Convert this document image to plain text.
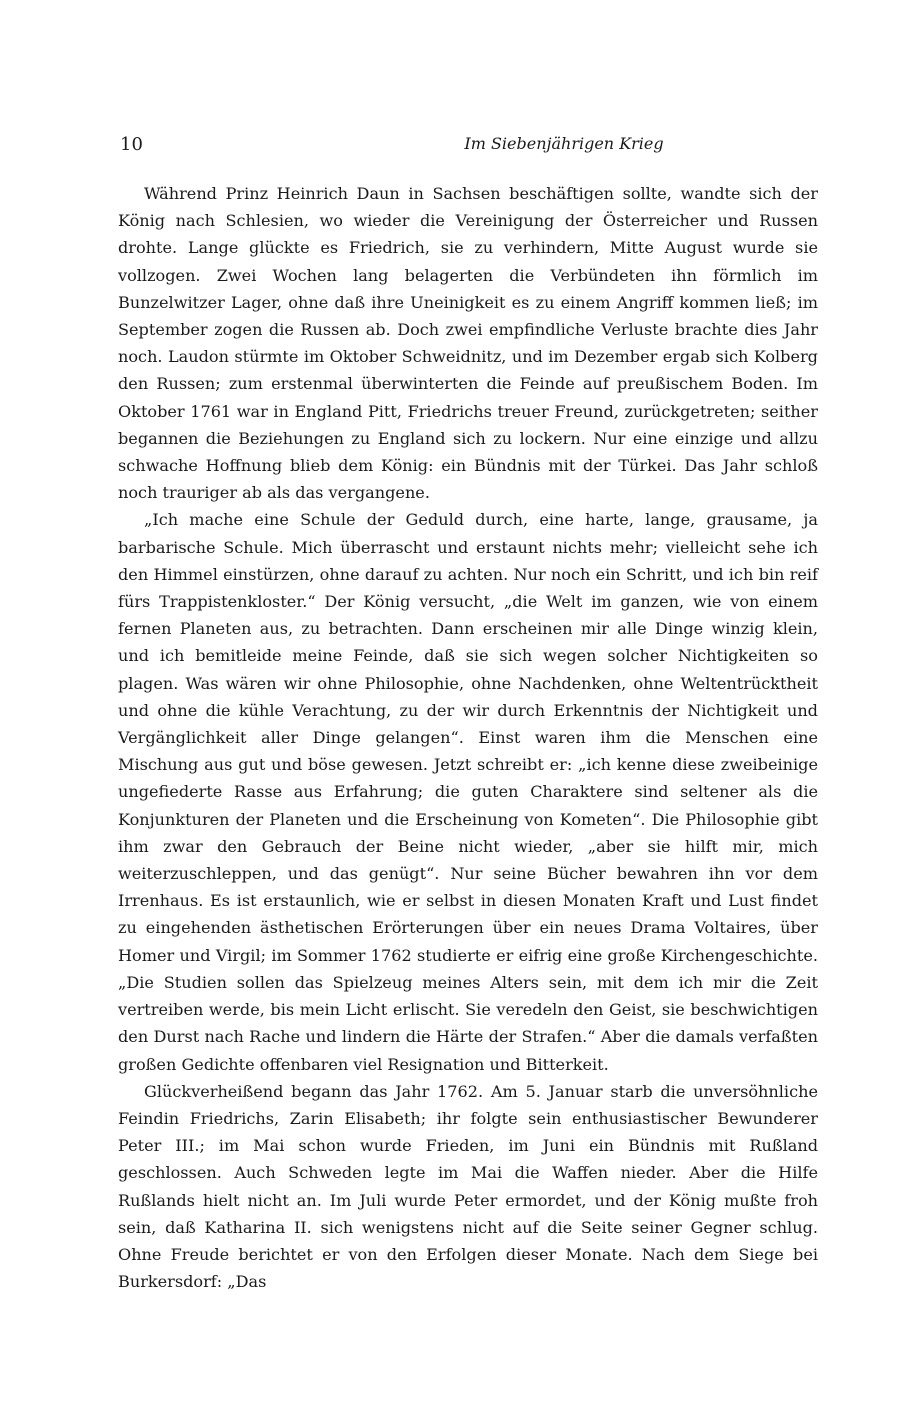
10	Im Siebenjährigen Krieg

Während Prinz Heinrich Daun in Sachsen beschäftigen sollte, wandte sich der König nach Schlesien, wo wieder die Vereinigung der Österreicher und Russen drohte. Lange glückte es Friedrich, sie zu verhindern, Mitte August wurde sie vollzogen. Zwei Wochen lang belagerten die Verbündeten ihn förmlich im Bunzelwitzer Lager, ohne daß ihre Uneinigkeit es zu einem Angriff kommen ließ; im September zogen die Russen ab. Doch zwei empfindliche Verluste brachte dies Jahr noch. Laudon stürmte im Oktober Schweidnitz, und im Dezember ergab sich Kolberg den Russen; zum erstenmal überwinterten die Feinde auf preußischem Boden. Im Oktober 1761 war in England Pitt, Friedrichs treuer Freund, zurückgetreten; seither begannen die Beziehungen zu England sich zu lockern. Nur eine einzige und allzu schwache Hoffnung blieb dem König: ein Bündnis mit der Türkei. Das Jahr schloß noch trauriger ab als das vergangene.

„Ich mache eine Schule der Geduld durch, eine harte, lange, grausame, ja barbarische Schule. Mich überrascht und erstaunt nichts mehr; vielleicht sehe ich den Himmel einstürzen, ohne darauf zu achten. Nur noch ein Schritt, und ich bin reif fürs Trappistenkloster.“ Der König versucht, „die Welt im ganzen, wie von einem fernen Planeten aus, zu betrachten. Dann erscheinen mir alle Dinge winzig klein, und ich bemitleide meine Feinde, daß sie sich wegen solcher Nichtigkeiten so plagen. Was wären wir ohne Philosophie, ohne Nachdenken, ohne Weltentrücktheit und ohne die kühle Verachtung, zu der wir durch Erkenntnis der Nichtigkeit und Vergänglichkeit aller Dinge gelangen“. Einst waren ihm die Menschen eine Mischung aus gut und böse gewesen. Jetzt schreibt er: „ich kenne diese zweibeinige ungefiederte Rasse aus Erfahrung; die guten Charaktere sind seltener als die Konjunkturen der Planeten und die Erscheinung von Kometen“. Die Philosophie gibt ihm zwar den Gebrauch der Beine nicht wieder, „aber sie hilft mir, mich weiterzuschleppen, und das genügt“. Nur seine Bücher bewahren ihn vor dem Irrenhaus. Es ist erstaunlich, wie er selbst in diesen Monaten Kraft und Lust findet zu eingehenden ästhetischen Erörterungen über ein neues Drama Voltaires, über Homer und Virgil; im Sommer 1762 studierte er eifrig eine große Kirchengeschichte. „Die Studien sollen das Spielzeug meines Alters sein, mit dem ich mir die Zeit vertreiben werde, bis mein Licht erlischt. Sie veredeln den Geist, sie beschwichtigen den Durst nach Rache und lindern die Härte der Strafen.“ Aber die damals verfaßten großen Gedichte offenbaren viel Resignation und Bitterkeit.

Glückverheißend begann das Jahr 1762. Am 5. Januar starb die unversöhnliche Feindin Friedrichs, Zarin Elisabeth; ihr folgte sein enthusiastischer Bewunderer Peter III.; im Mai schon wurde Frieden, im Juni ein Bündnis mit Rußland geschlossen. Auch Schweden legte im Mai die Waffen nieder. Aber die Hilfe Rußlands hielt nicht an. Im Juli wurde Peter ermordet, und der König mußte froh sein, daß Katharina II. sich wenigstens nicht auf die Seite seiner Gegner schlug. Ohne Freude berichtet er von den Erfolgen dieser Monate. Nach dem Siege bei Burkersdorf: „Das
